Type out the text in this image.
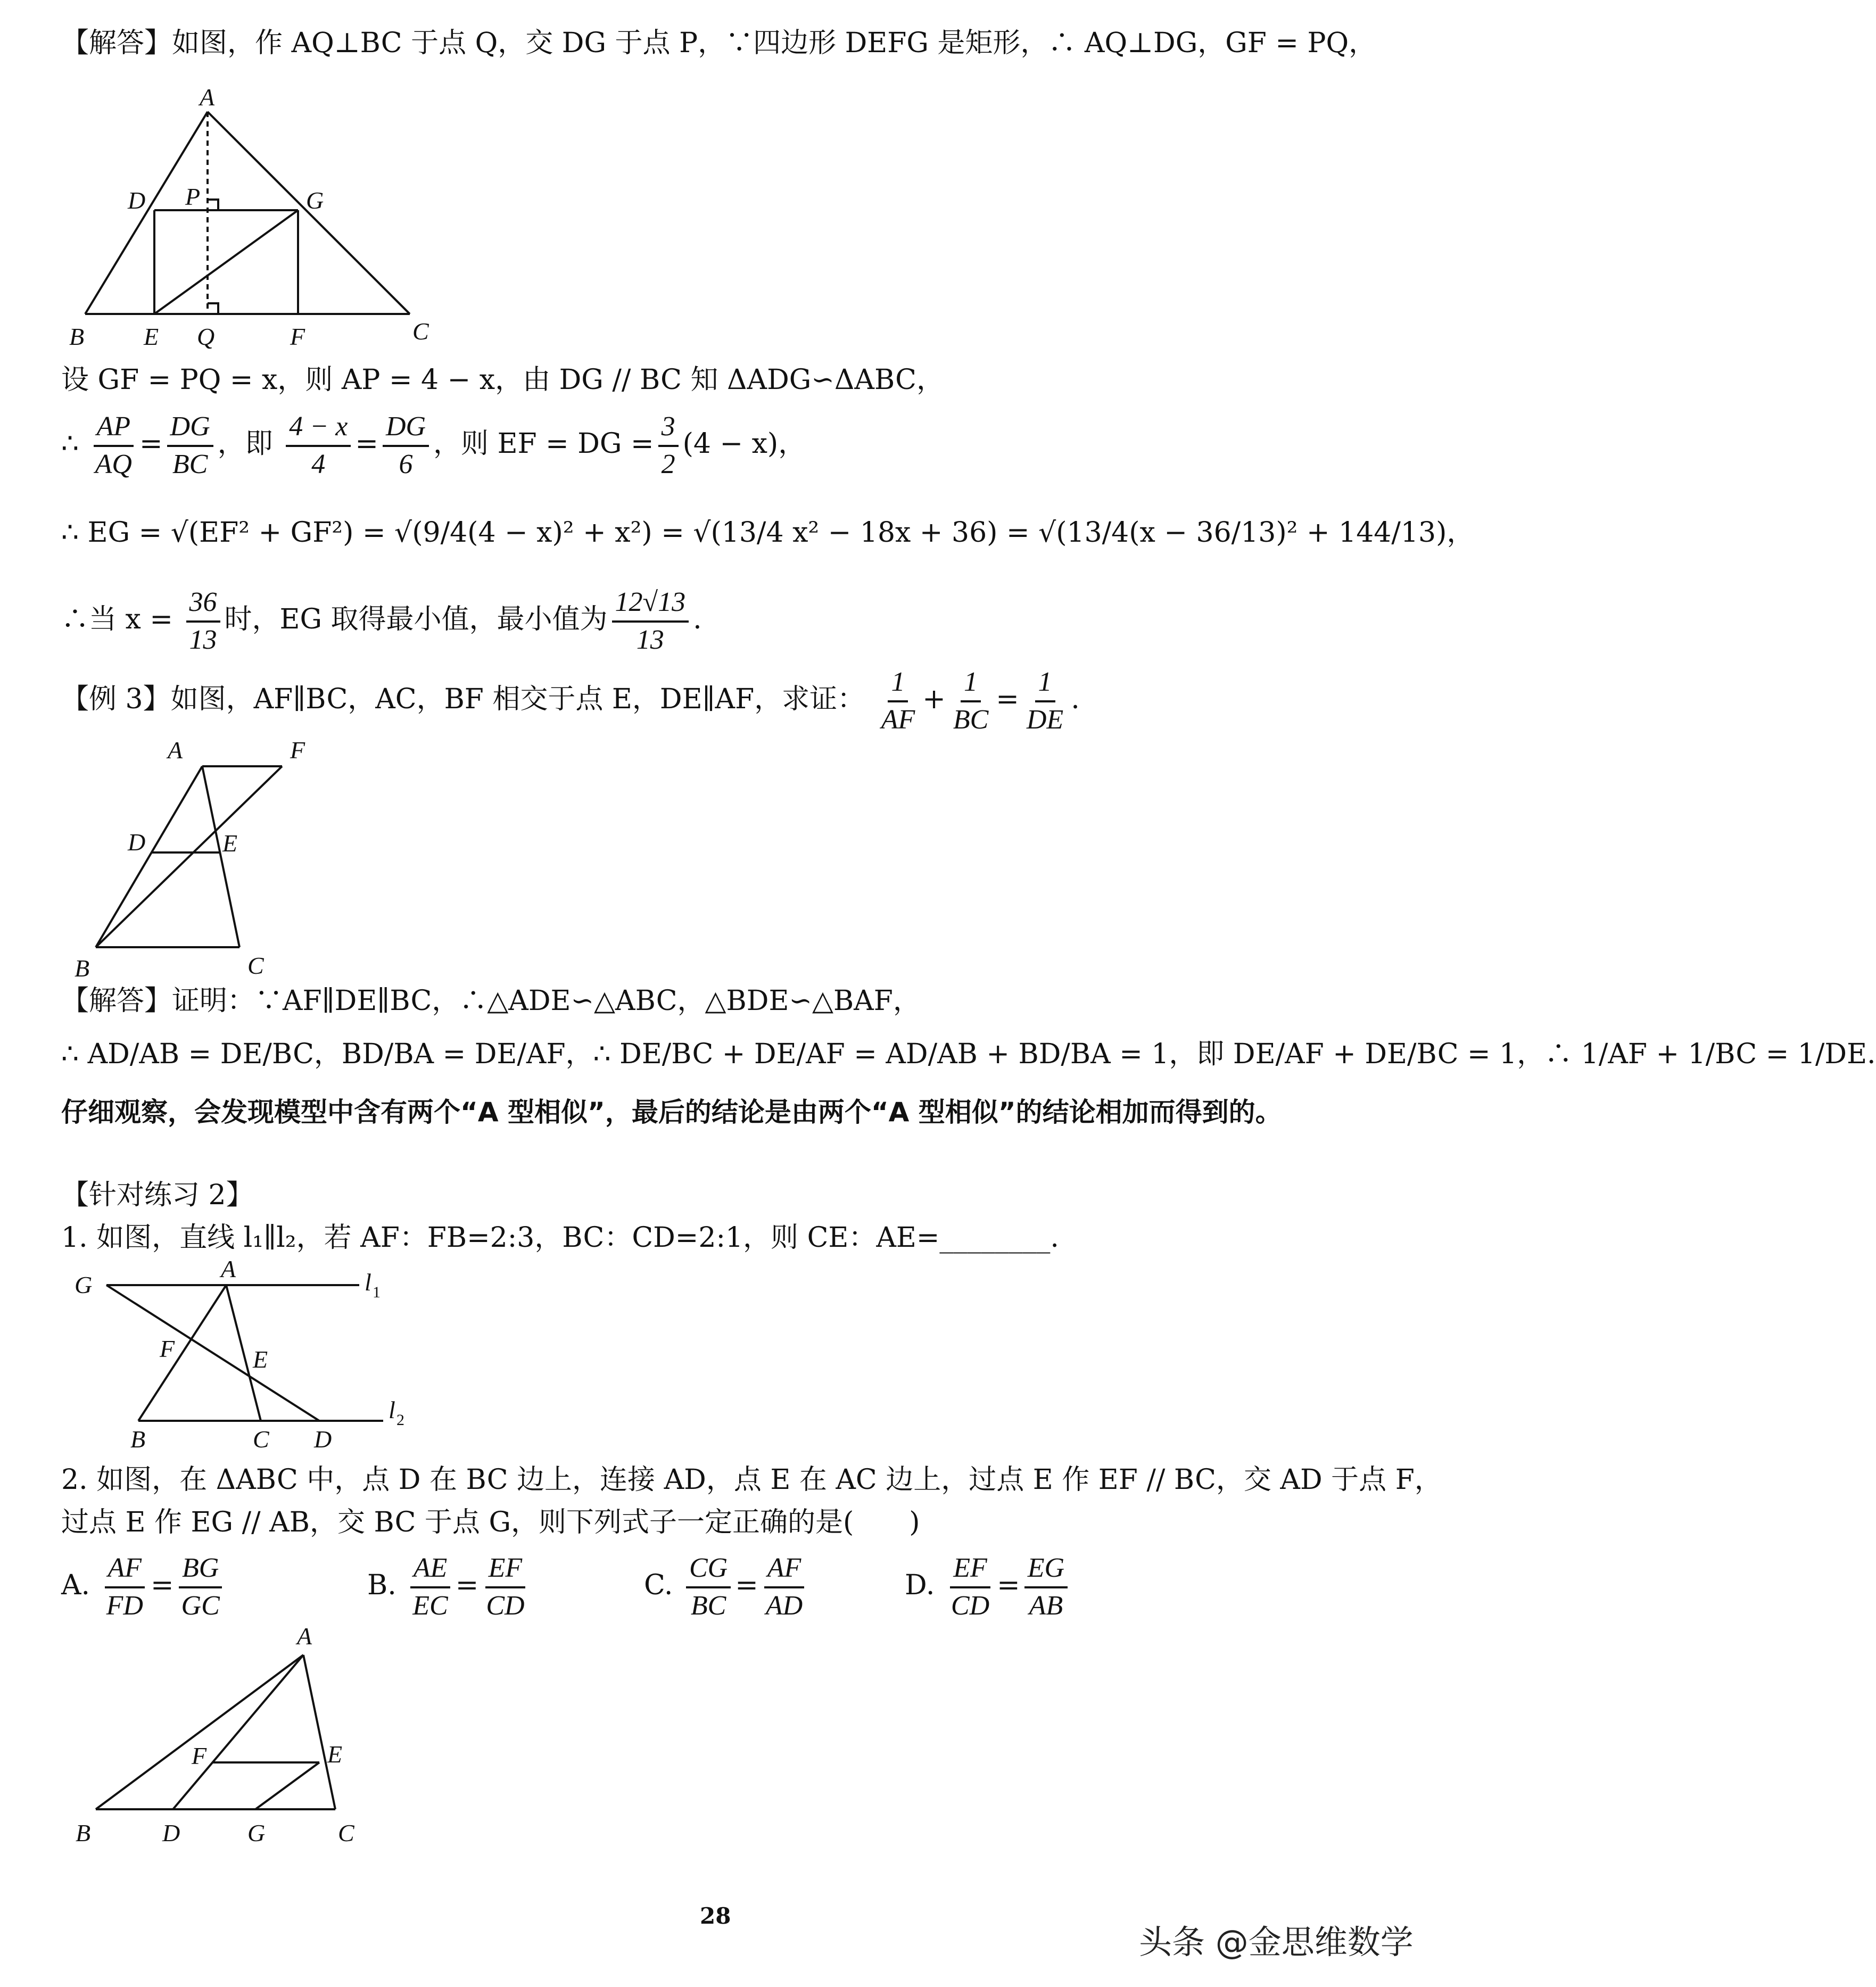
【解答】如图，作 AQ⊥BC 于点 Q，交 DG 于点 P，∵四边形 DEFG 是矩形，∴ AQ⊥DG，GF = PQ，
A
D P	G
B E Q	F	C
设 GF = PQ = x，则 AP = 4 − x，由 DG // BC 知 ΔADG∽ΔABC，
∴ $\frac{AP}{AQ} = \frac{DG}{BC}$ ，即 $\frac{4 - x}{4} = \frac{DG}{6}$ ，则 EF = DG = $\frac{3}{2} (4 - x)$，
∴ EG = √(EF² + GF²) = √(9/4(4 − x)² + x²) = √(13/4 x² − 18x + 36) = √(13/4(x − 36/13)² + 144/13)，
∴当 $x = \frac{36}{13}$ 时，EG 取得最小值，最小值为 $\frac{12√13}{13}$ .
【例 3】如图，AF∥BC，AC，BF 相交于点 E，DE∥AF，求证： $\frac{1}{AF} + \frac{1}{BC} = \frac{1}{DE}$ .
A	F
D	E
B	C
【解答】证明：∵AF∥DE∥BC，∴△ADE∽△ABC，△BDE∽△BAF，
∴ AD/AB = DE/BC，BD/BA = DE/AF，∴ DE/BC + DE/AF = AD/AB + BD/BA = 1，即 DE/AF + DE/BC = 1，∴ 1/AF + 1/BC = 1/DE.
仔细观察，会发现模型中含有两个“A 型相似”，最后的结论是由两个“A 型相似”的结论相加而得到的。
【针对练习 2】
1. 如图，直线 l₁∥l₂，若 AF：FB=2:3，BC：CD=2:1，则 CE：AE=________.
G
A	l 1
F	E
l 2
B	C D
2. 如图，在 ΔABC 中，点 D 在 BC 边上，连接 AD，点 E 在 AC 边上，过点 E 作 EF // BC，交 AD 于点 F，
过点 E 作 EG // AB，交 BC 于点 G，则下列式子一定正确的是(　　)
A. $\frac{AF}{FD} = \frac{BG}{GC}$	B. $\frac{AE}{EC} = \frac{EF}{CD}$	C. $\frac{CG}{BC} = \frac{AF}{AD}$	D. $\frac{EF}{CD} = \frac{EG}{AB}$
A
F	E
B	D	G	C
28
头条 @金思维数学
